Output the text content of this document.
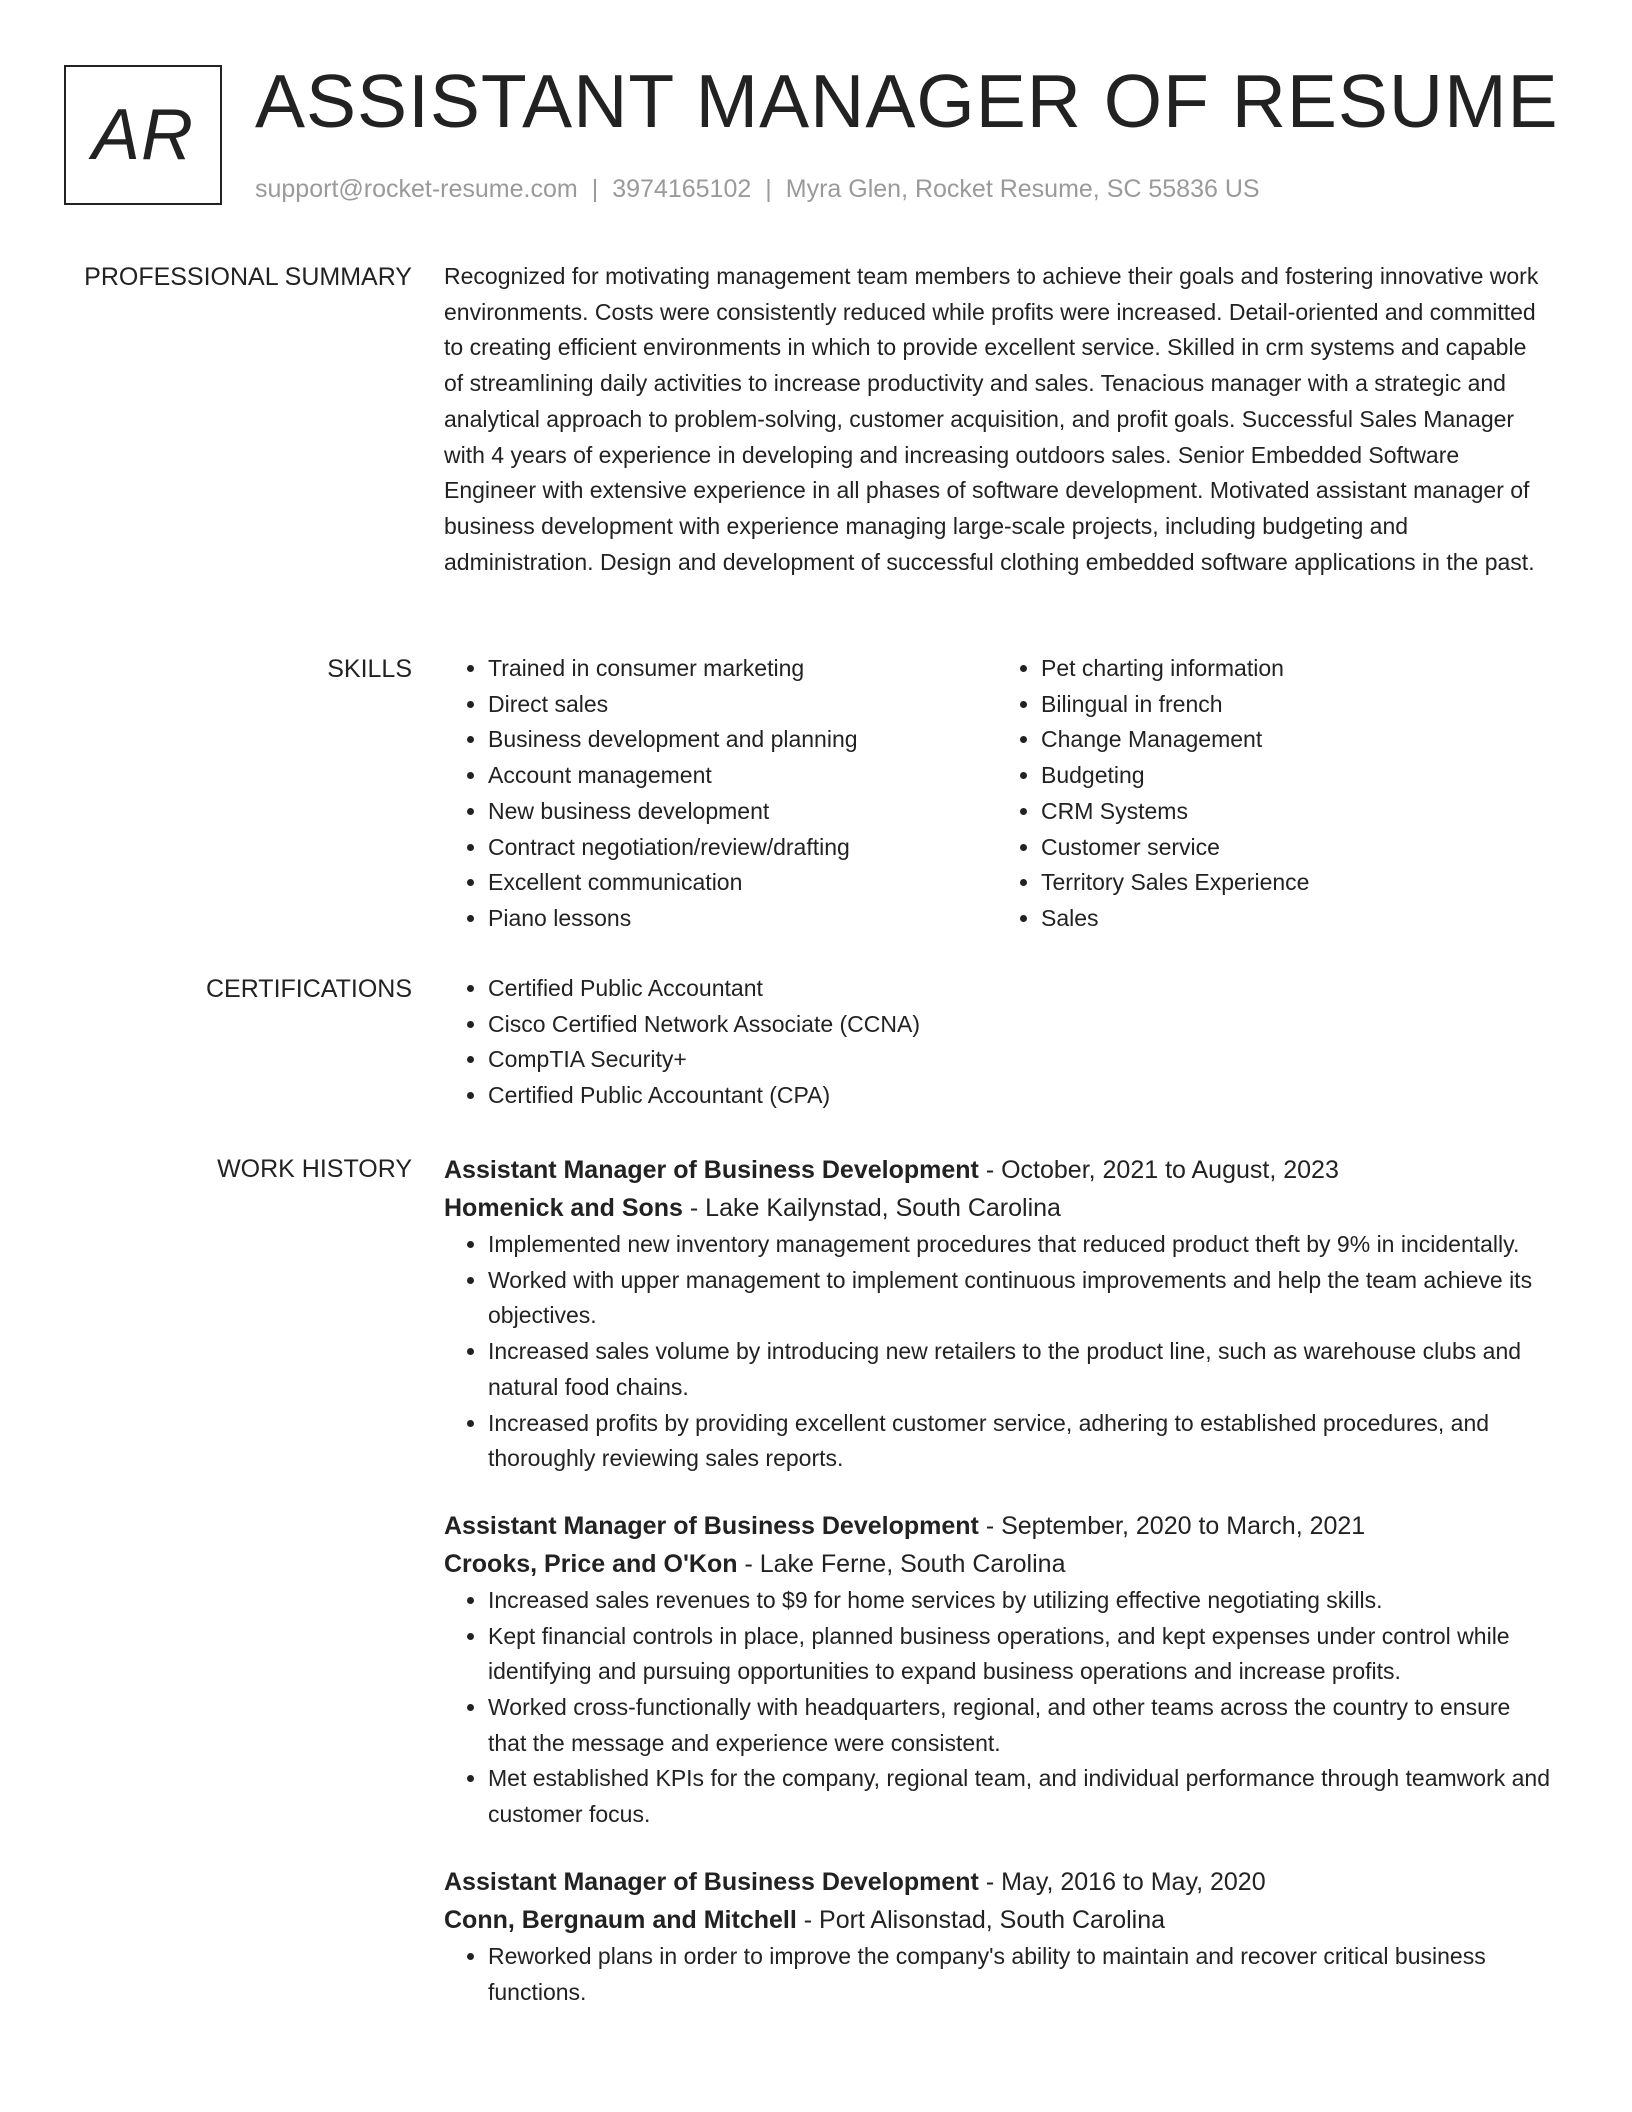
AR ASSISTANT MANAGER OF RESUME
support@rocket-resume.com | 3974165102 | Myra Glen, Rocket Resume, SC 55836 US
PROFESSIONAL SUMMARY Recognized for motivating management team members to achieve their goals and fostering innovative work environments. Costs were consistently reduced while profits were increased. Detail-oriented and committed to creating efficient environments in which to provide excellent service. Skilled in crm systems and capable of streamlining daily activities to increase productivity and sales. Tenacious manager with a strategic and analytical approach to problem-solving, customer acquisition, and profit goals. Successful Sales Manager with 4 years of experience in developing and increasing outdoors sales. Senior Embedded Software Engineer with extensive experience in all phases of software development. Motivated assistant manager of business development with experience managing large-scale projects, including budgeting and administration. Design and development of successful clothing embedded software applications in the past.

SKILLS	• Trained in consumer marketing
• Direct sales
• Business development and planning
• Account management
• New business development
• Contract negotiation/review/drafting
• Excellent communication
• Piano lessons
• Pet charting information
• Bilingual in french
• Change Management
• Budgeting
• CRM Systems
• Customer service
• Territory Sales Experience
• Sales
CERTIFICATIONS	• Certified Public Accountant
• Cisco Certified Network Associate (CCNA)
• CompTIA Security+
• Certified Public Accountant (CPA)
WORK HISTORY Assistant Manager of Business Development - October, 2021 to August, 2023
Homenick and Sons - Lake Kailynstad, South Carolina
• Implemented new inventory management procedures that reduced product theft by 9% in incidentally.
• Worked with upper management to implement continuous improvements and help the team achieve its objectives.
• Increased sales volume by introducing new retailers to the product line, such as warehouse clubs and natural food chains.
• Increased profits by providing excellent customer service, adhering to established procedures, and thoroughly reviewing sales reports.
Assistant Manager of Business Development - September, 2020 to March, 2021
Crooks, Price and O'Kon - Lake Ferne, South Carolina
• Increased sales revenues to $9 for home services by utilizing effective negotiating skills.
• Kept financial controls in place, planned business operations, and kept expenses under control while identifying and pursuing opportunities to expand business operations and increase profits.
• Worked cross-functionally with headquarters, regional, and other teams across the country to ensure that the message and experience were consistent.
• Met established KPIs for the company, regional team, and individual performance through teamwork and customer focus.
Assistant Manager of Business Development - May, 2016 to May, 2020
Conn, Bergnaum and Mitchell - Port Alisonstad, South Carolina
• Reworked plans in order to improve the company's ability to maintain and recover critical business functions.
